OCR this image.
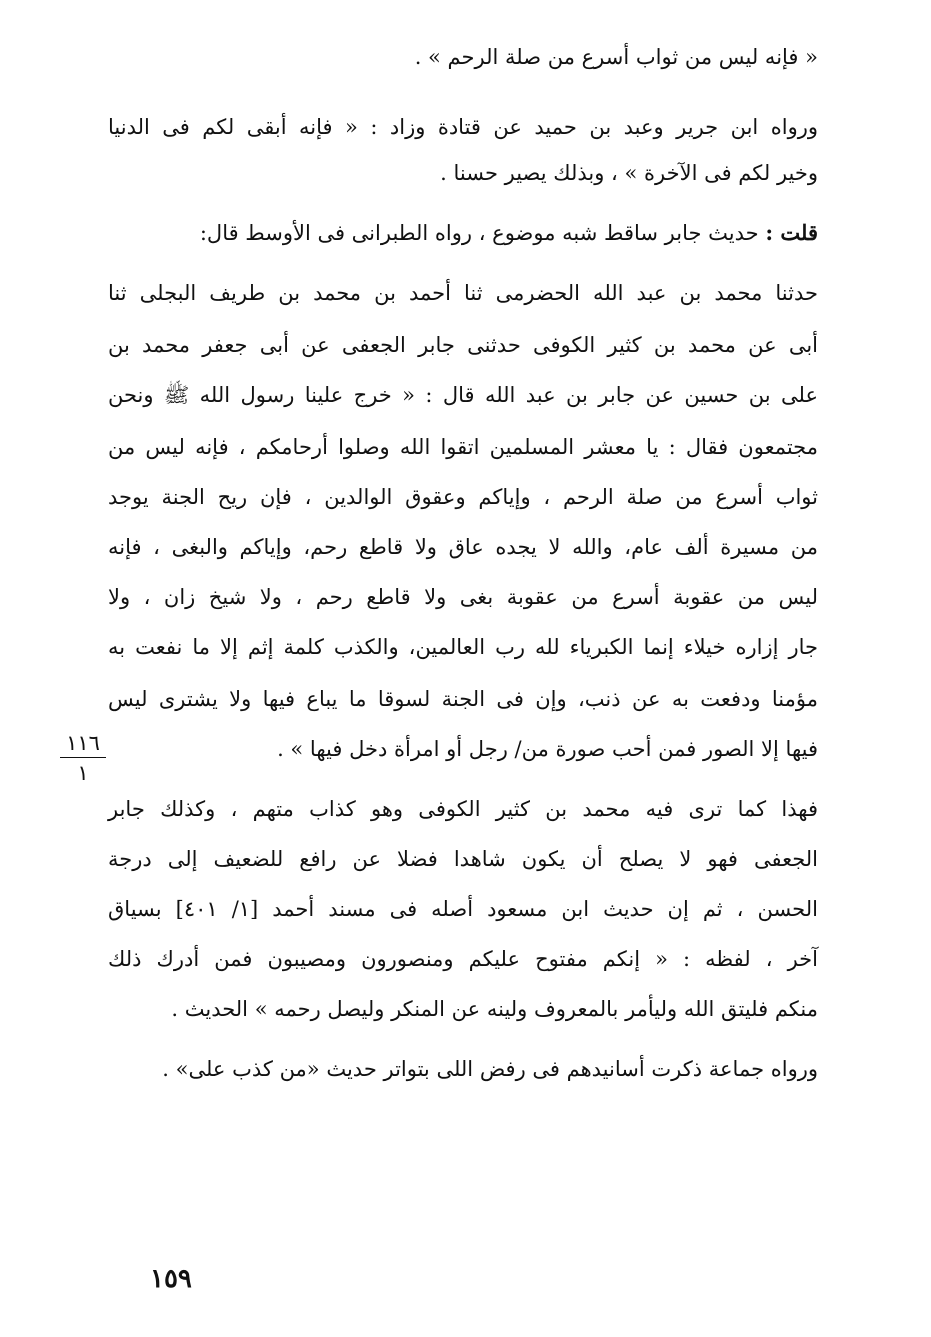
« فإنه ليس من ثواب أسرع من صلة الرحم » .
ورواه ابن جرير وعبد بن حميد عن قتادة وزاد : « فإنه أبقى لكم فى الدنيا
وخير لكم فى الآخرة » ، وبذلك يصير حسنا .
قلت : حديث جابر ساقط شبه موضوع ، رواه الطبرانى فى الأوسط قال:
حدثنا محمد بن عبد الله الحضرمى ثنا أحمد بن محمد بن طريف البجلى ثنا
أبى عن محمد بن كثير الكوفى حدثنى جابر الجعفى عن أبى جعفر محمد بن
على بن حسين عن جابر بن عبد الله قال : « خرج علينا رسول الله ﷺ ونحن
مجتمعون فقال : يا معشر المسلمين اتقوا الله وصلوا أرحامكم ، فإنه ليس من
ثواب أسرع من صلة الرحم ، وإياكم وعقوق الوالدين ، فإن ريح الجنة يوجد
من مسيرة ألف عام، والله لا يجده عاق ولا قاطع رحم، وإياكم والبغى ، فإنه
ليس من عقوبة أسرع من عقوبة بغى ولا قاطع رحم ، ولا شيخ زان ، ولا
جار إزاره خيلاء إنما الكبرياء لله رب العالمين، والكذب كلمة إثم إلا ما نفعت به
مؤمنا ودفعت به عن ذنب، وإن فى الجنة لسوقا ما يباع فيها ولا يشترى ليس
فيها إلا الصور فمن أحب صورة من/ رجل أو امرأة دخل فيها » .
فهذا كما ترى فيه محمد بن كثير الكوفى وهو كذاب متهم ، وكذلك جابر
الجعفى فهو لا يصلح أن يكون شاهدا فضلا عن رافع للضعيف إلى درجة
الحسن ، ثم إن حديث ابن مسعود أصله فى مسند أحمد [١/ ٤٠١] بسياق
آخر ، لفظه : « إنكم مفتوح عليكم ومنصورون ومصيبون فمن أدرك ذلك
منكم فليتق الله وليأمر بالمعروف ولينه عن المنكر وليصل رحمه » الحديث .
ورواه جماعة ذكرت أسانيدهم فى رفض اللى بتواتر حديث «من كذب على» .
١١٦
١
١٥٩
